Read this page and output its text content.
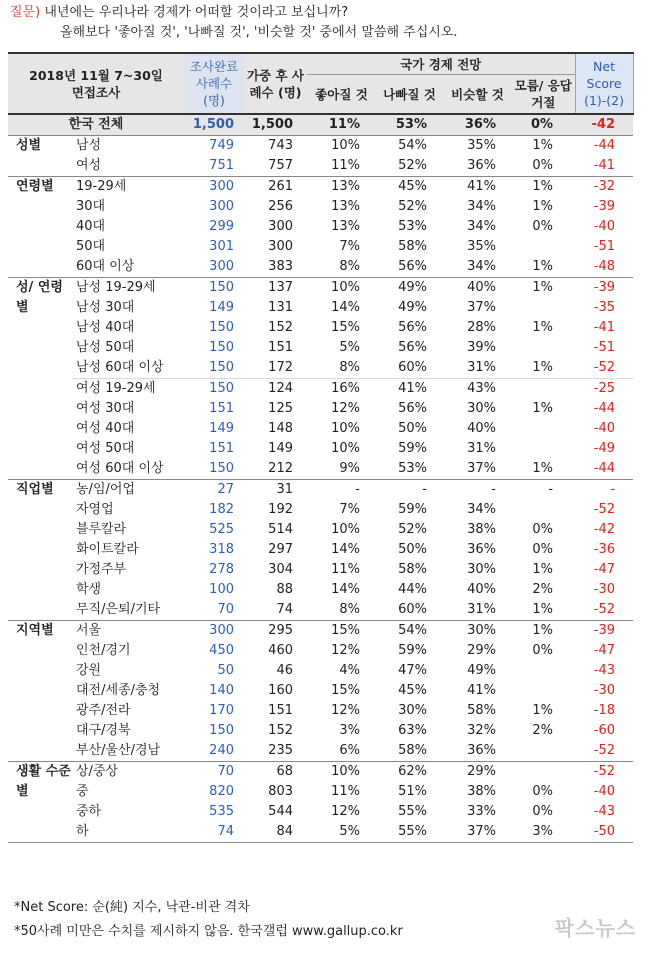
질문) 내년에는 우리나라 경제가 어떠할 것이라고 보십니까?
올해보다 '좋아질 것', '나빠질 것', '비슷할 것' 중에서 말씀해 주십시오.
2018년 11월 7~30일 면접조사		조사완료 사례수 (명)	가중 후 사례수 (명)	국가 경제 전망				Net Score (1)-(2)
				좋아질 것	나빠질 것	비슷할 것	모름/ 응답거절	
한국 전체		1,500	1,500	11%	53%	36%	0%	-42
성별	남성	749	743	10%	54%	35%	1%	-44
	여성	751	757	11%	52%	36%	0%	-41
연령별	19-29세	300	261	13%	45%	41%	1%	-32
	30대	300	256	13%	52%	34%	1%	-39
	40대	299	300	13%	53%	34%	0%	-40
	50대	301	300	7%	58%	35%		-51
	60대 이상	300	383	8%	56%	34%	1%	-48
성/ 연령별	남성 19-29세	150	137	10%	49%	40%	1%	-39
	남성 30대	149	131	14%	49%	37%		-35
	남성 40대	150	152	15%	56%	28%	1%	-41
	남성 50대	150	151	5%	56%	39%		-51
	남성 60대 이상	150	172	8%	60%	31%	1%	-52
	여성 19-29세	150	124	16%	41%	43%		-25
	여성 30대	151	125	12%	56%	30%	1%	-44
	여성 40대	149	148	10%	50%	40%		-40
	여성 50대	151	149	10%	59%	31%		-49
	여성 60대 이상	150	212	9%	53%	37%	1%	-44
직업별	농/임/어업	27	31	-	-	-	-	-
	자영업	182	192	7%	59%	34%		-52
	블루칼라	525	514	10%	52%	38%	0%	-42
	화이트칼라	318	297	14%	50%	36%	0%	-36
	가정주부	278	304	11%	58%	30%	1%	-47
	학생	100	88	14%	44%	40%	2%	-30
	무직/은퇴/기타	70	74	8%	60%	31%	1%	-52
지역별	서울	300	295	15%	54%	30%	1%	-39
	인천/경기	450	460	12%	59%	29%	0%	-47
	강원	50	46	4%	47%	49%		-43
	대전/세종/충청	140	160	15%	45%	41%		-30
	광주/전라	170	151	12%	30%	58%	1%	-18
	대구/경북	150	152	3%	63%	32%	2%	-60
	부산/울산/경남	240	235	6%	58%	36%		-52
생활 수준별	상/중상	70	68	10%	62%	29%		-52
	중	820	803	11%	51%	38%	0%	-40
	중하	535	544	12%	55%	33%	0%	-43
	하	74	84	5%	55%	37%	3%	-50
*Net Score: 순(純) 지수, 낙관-비관 격차
*50사례 미만은 수치를 제시하지 않음. 한국갤럽 www.gallup.co.kr	팍스뉴스
